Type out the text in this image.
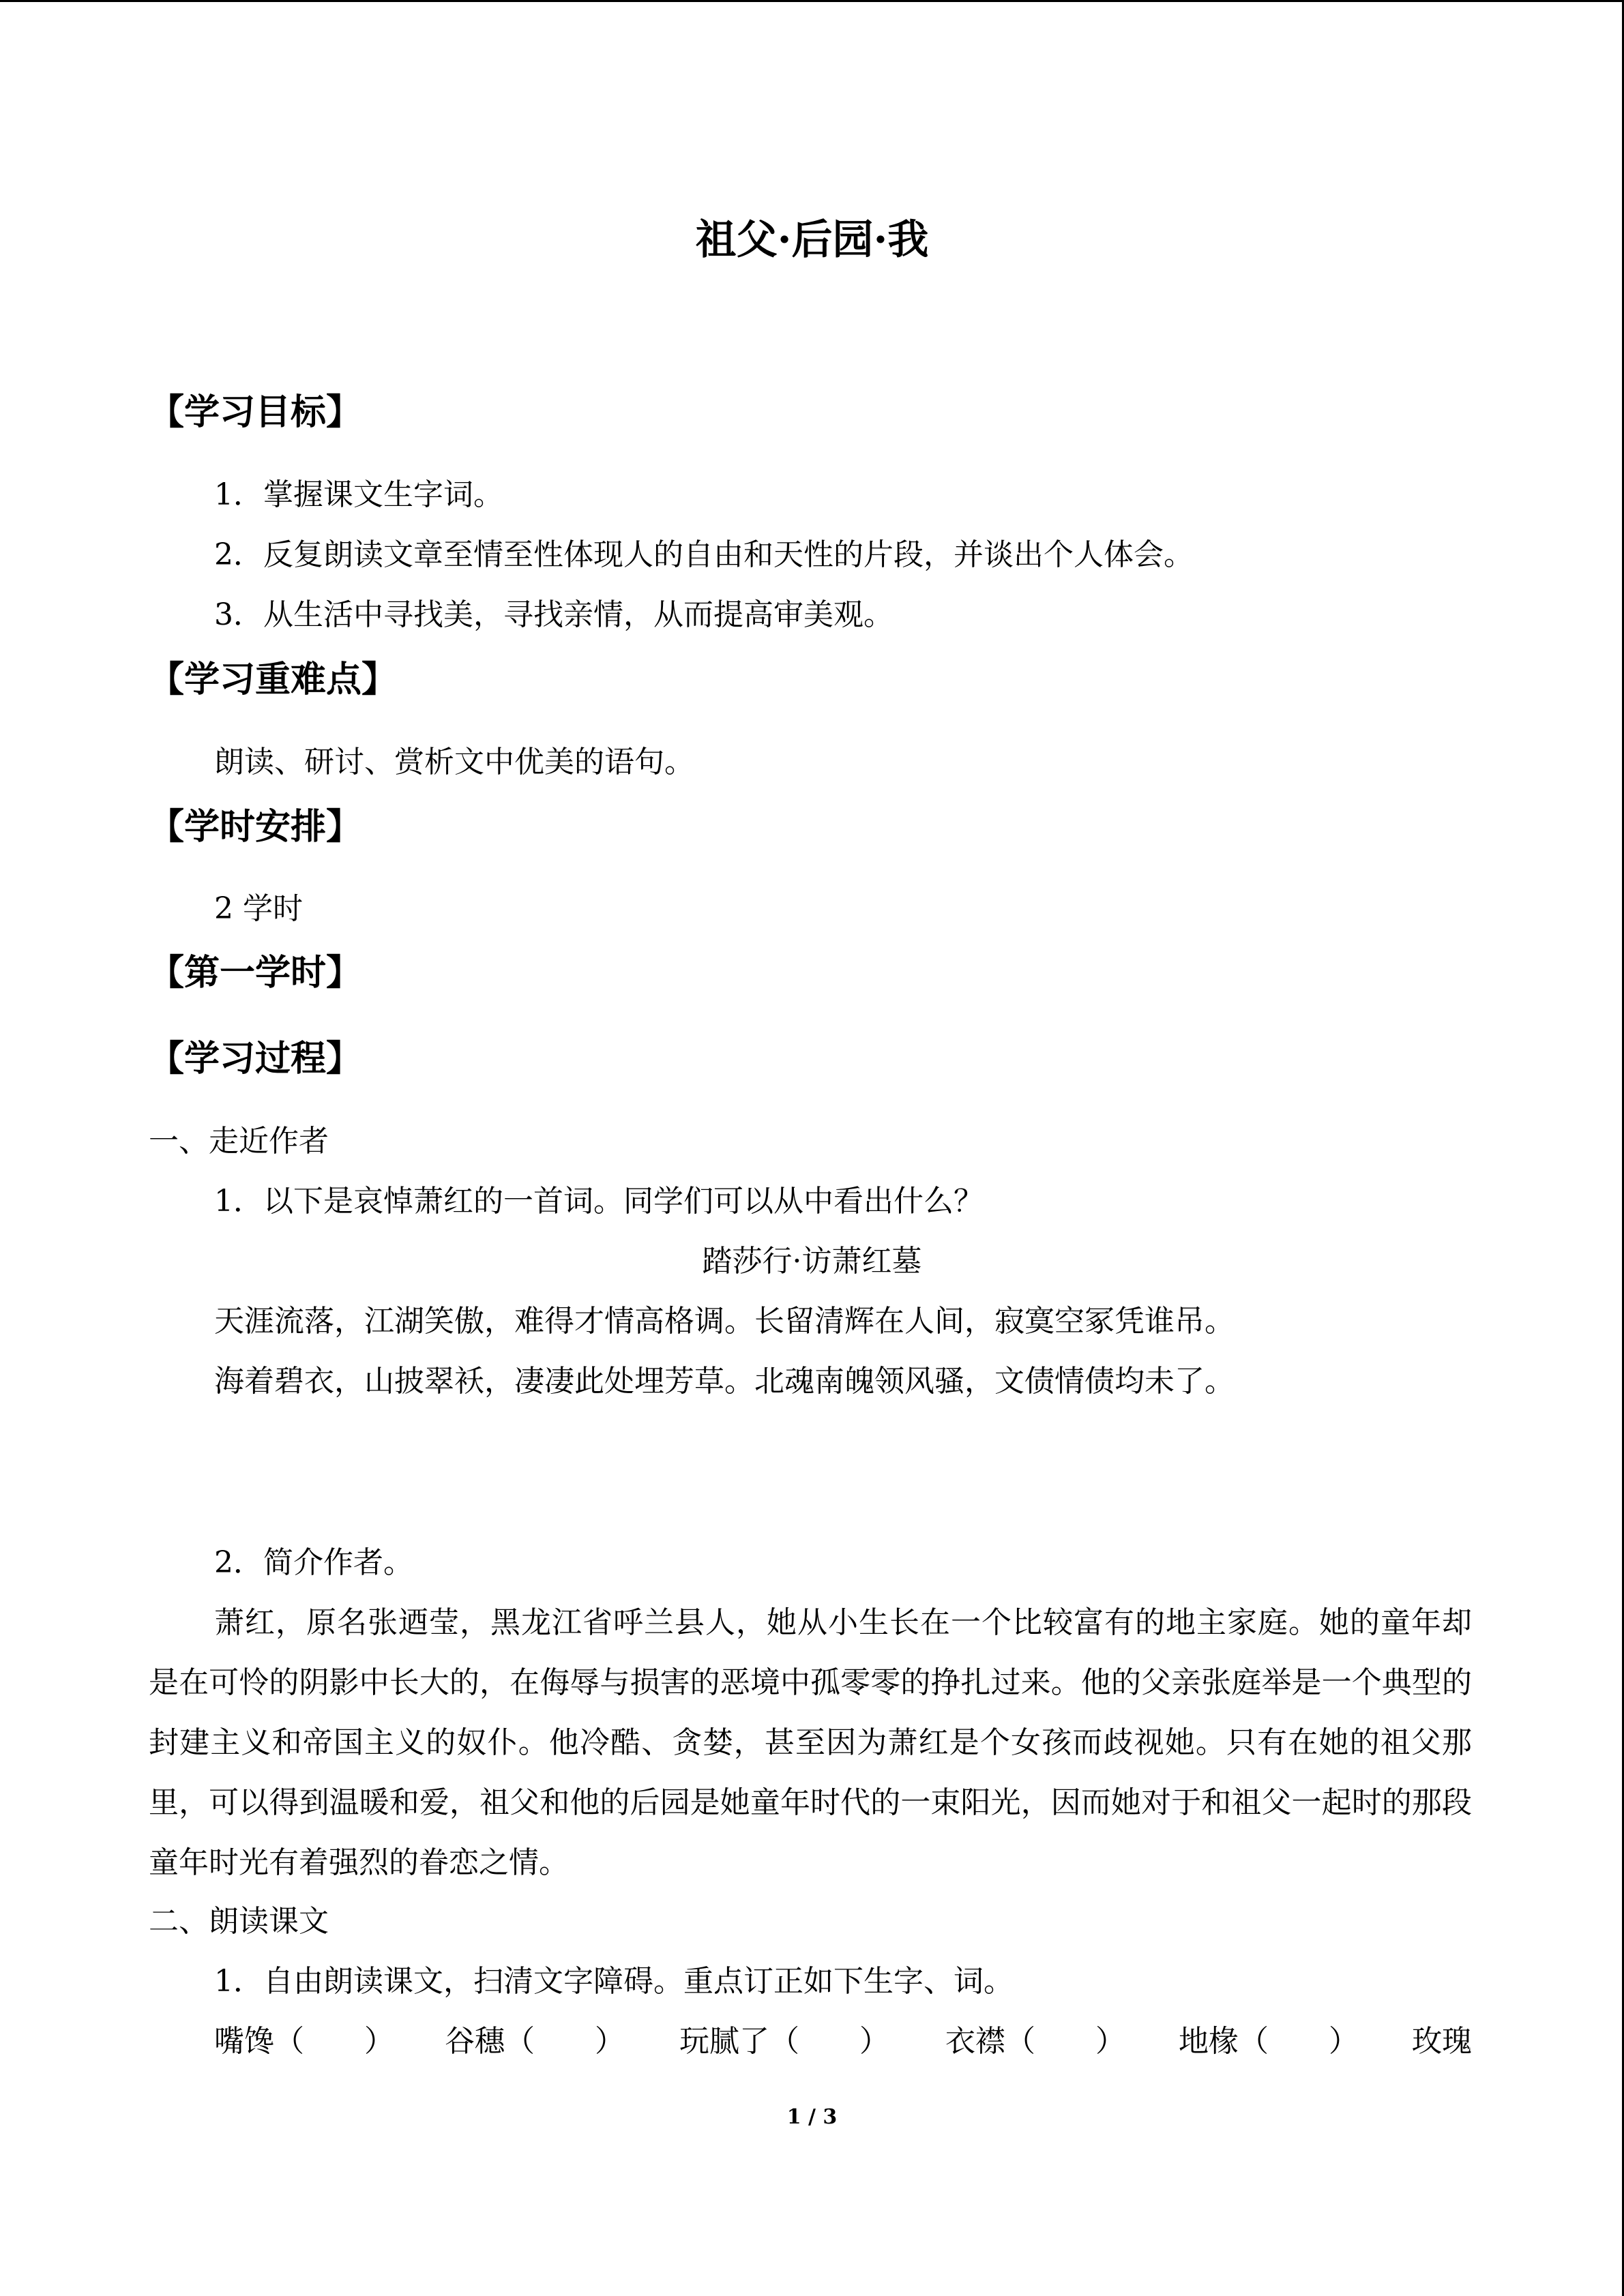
祖父·后园·我
【学习目标】
1．掌握课文生字词。
2．反复朗读文章至情至性体现人的自由和天性的片段，并谈出个人体会。
3．从生活中寻找美，寻找亲情，从而提高审美观。
【学习重难点】
朗读、研讨、赏析文中优美的语句。
【学时安排】
2 学时
【第一学时】
【学习过程】
一、走近作者
1．以下是哀悼萧红的一首词。同学们可以从中看出什么？
踏莎行·访萧红墓
天涯流落，江湖笑傲，难得才情高格调。长留清辉在人间，寂寞空冢凭谁吊。
海着碧衣，山披翠袄，凄凄此处埋芳草。北魂南魄领风骚，文债情债均未了。
2．简介作者。
萧红，原名张迺莹，黑龙江省呼兰县人，她从小生长在一个比较富有的地主家庭。她的童年却是在可怜的阴影中长大的，在侮辱与损害的恶境中孤零零的挣扎过来。他的父亲张庭举是一个典型的封建主义和帝国主义的奴仆。他冷酷、贪婪，甚至因为萧红是个女孩而歧视她。只有在她的祖父那里，可以得到温暖和爱，祖父和他的后园是她童年时代的一束阳光，因而她对于和祖父一起时的那段童年时光有着强烈的眷恋之情。
二、朗读课文
1．自由朗读课文，扫清文字障碍。重点订正如下生字、词。
嘴馋（　　） 谷穗（　　） 玩腻了（　　） 衣襟（　　） 地椽（　　） 玫瑰
1 / 3
